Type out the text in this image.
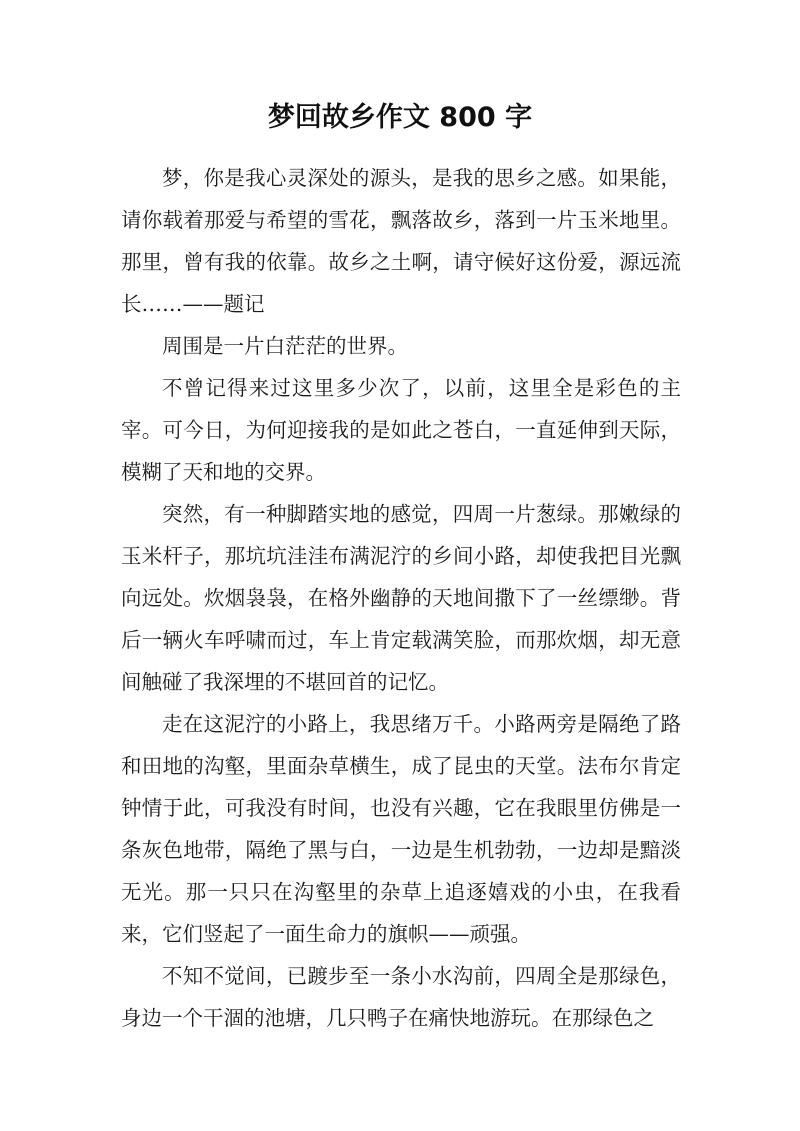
梦回故乡作文 800 字

梦，你是我心灵深处的源头，是我的思乡之感。如果能，请你载着那爱与希望的雪花，飘落故乡，落到一片玉米地里。那里，曾有我的依靠。故乡之土啊，请守候好这份爱，源远流长……——题记

周围是一片白茫茫的世界。

不曾记得来过这里多少次了，以前，这里全是彩色的主宰。可今日，为何迎接我的是如此之苍白，一直延伸到天际，模糊了天和地的交界。

突然，有一种脚踏实地的感觉，四周一片葱绿。那嫩绿的玉米杆子，那坑坑洼洼布满泥泞的乡间小路，却使我把目光飘向远处。炊烟袅袅，在格外幽静的天地间撒下了一丝缥缈。背后一辆火车呼啸而过，车上肯定载满笑脸，而那炊烟，却无意间触碰了我深埋的不堪回首的记忆。

走在这泥泞的小路上，我思绪万千。小路两旁是隔绝了路和田地的沟壑，里面杂草横生，成了昆虫的天堂。法布尔肯定钟情于此，可我没有时间，也没有兴趣，它在我眼里仿佛是一条灰色地带，隔绝了黑与白，一边是生机勃勃，一边却是黯淡无光。那一只只在沟壑里的杂草上追逐嬉戏的小虫，在我看来，它们竖起了一面生命力的旗帜——顽强。

不知不觉间，已踱步至一条小水沟前，四周全是那绿色，身边一个干涸的池塘，几只鸭子在痛快地游玩。在那绿色之
